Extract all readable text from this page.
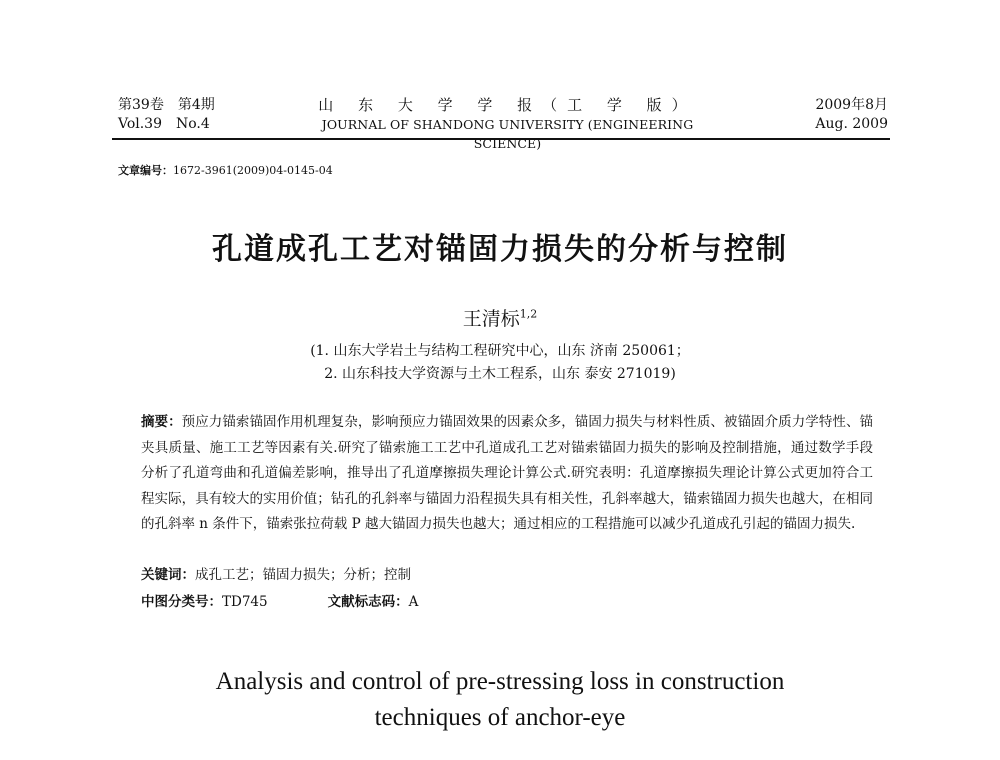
第39卷 第4期
Vol.39 No.4
山 东 大 学 学 报（工 学 版）
JOURNAL OF SHANDONG UNIVERSITY (ENGINEERING SCIENCE)
2009年8月
Aug. 2009
文章编号：1672-3961(2009)04-0145-04
孔道成孔工艺对锚固力损失的分析与控制
王清标$^{1,2}$
(1. 山东大学岩土与结构工程研究中心，山东 济南 250061；
2. 山东科技大学资源与土木工程系，山东 泰安 271019)
摘要：预应力锚索锚固作用机理复杂，影响预应力锚固效果的因素众多，锚固力损失与材料性质、被锚固介质力学特性、锚夹具质量、施工工艺等因素有关.研究了锚索施工工艺中孔道成孔工艺对锚索锚固力损失的影响及控制措施，通过数学手段分析了孔道弯曲和孔道偏差影响，推导出了孔道摩擦损失理论计算公式.研究表明：孔道摩擦损失理论计算公式更加符合工程实际，具有较大的实用价值；钻孔的孔斜率与锚固力沿程损失具有相关性，孔斜率越大，锚索锚固力损失也越大，在相同的孔斜率 n 条件下，锚索张拉荷载 P 越大锚固力损失也越大；通过相应的工程措施可以减少孔道成孔引起的锚固力损失.
关键词：成孔工艺；锚固力损失；分析；控制
中图分类号：TD745	文献标志码：A
Analysis and control of pre-stressing loss in construction
techniques of anchor-eye
